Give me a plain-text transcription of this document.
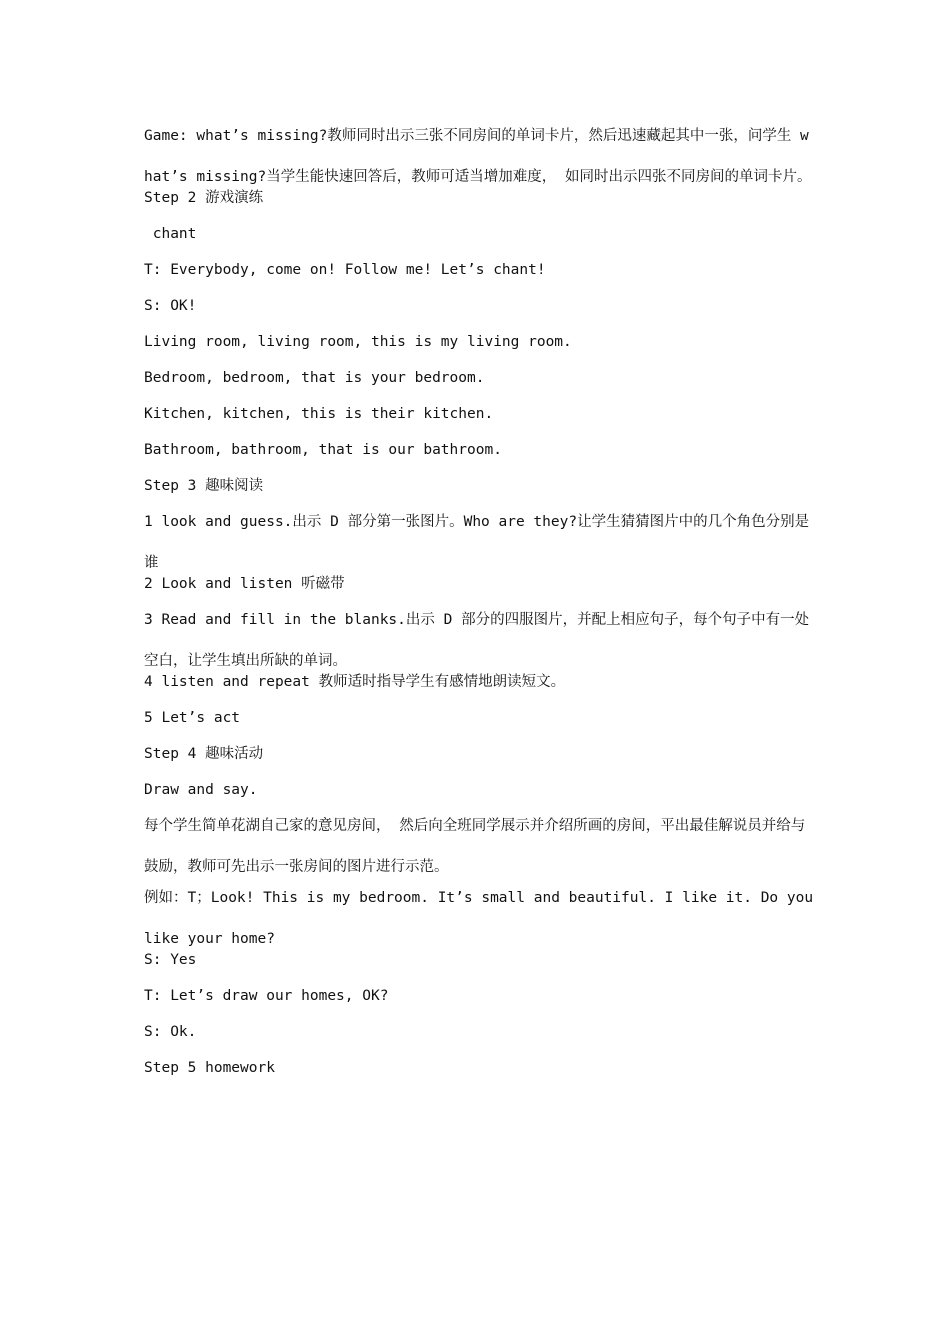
Game: what’s missing?教师同时出示三张不同房间的单词卡片，然后迅速藏起其中一张，问学生 what’s missing?当学生能快速回答后，教师可适当增加难度， 如同时出示四张不同房间的单词卡片。

Step 2 游戏演练

chant

T: Everybody, come on! Follow me! Let’s chant!

S: OK!

Living room, living room, this is my living room.

Bedroom, bedroom, that is your bedroom.

Kitchen, kitchen, this is their kitchen.

Bathroom, bathroom, that is our bathroom.

Step 3 趣味阅读

1 look and guess.出示 D 部分第一张图片。Who are they?让学生猜猜图片中的几个角色分别是谁

2 Look and listen 听磁带

3 Read and fill in the blanks.出示 D 部分的四服图片，并配上相应句子，每个句子中有一处空白，让学生填出所缺的单词。

4 listen and repeat 教师适时指导学生有感情地朗读短文。

5 Let’s act

Step 4 趣味活动

Draw and say.

每个学生简单花湖自己家的意见房间， 然后向全班同学展示并介绍所画的房间，平出最佳解说员并给与鼓励，教师可先出示一张房间的图片进行示范。

例如：T；Look! This is my bedroom. It’s small and beautiful. I like it. Do you like your home?

S: Yes

T: Let’s draw our homes, OK?

S: Ok.

Step 5 homework
